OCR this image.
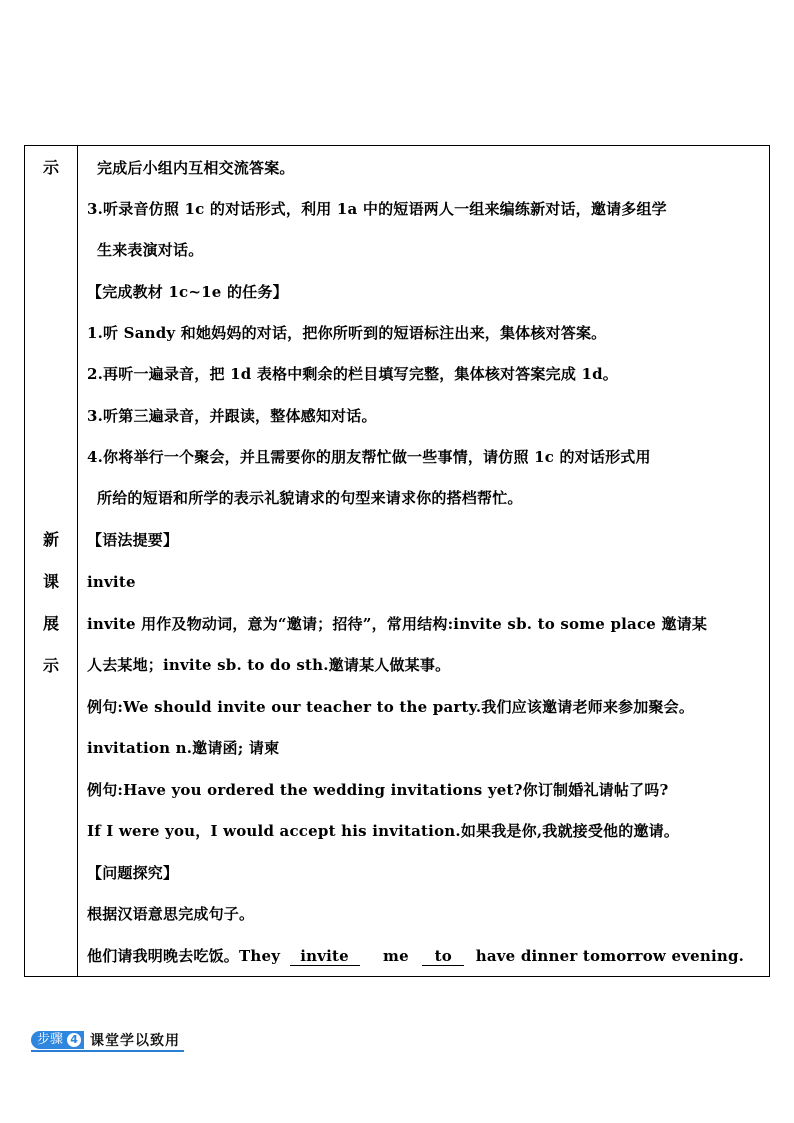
示
新
课
展
示
完成后小组内互相交流答案。
3.听录音仿照 1c 的对话形式，利用 1a 中的短语两人一组来编练新对话，邀请多组学
生来表演对话。
【完成教材 1c~1e 的任务】
1.听 Sandy 和她妈妈的对话，把你所听到的短语标注出来，集体核对答案。
2.再听一遍录音，把 1d 表格中剩余的栏目填写完整，集体核对答案完成 1d。
3.听第三遍录音，并跟读，整体感知对话。
4.你将举行一个聚会，并且需要你的朋友帮忙做一些事情，请仿照 1c 的对话形式用
所给的短语和所学的表示礼貌请求的句型来请求你的搭档帮忙。
【语法提要】
invite
invite 用作及物动词，意为“邀请；招待”，常用结构:invite sb. to some place 邀请某
人去某地；invite sb. to do sth.邀请某人做某事。
例句:We should invite our teacher to the party.我们应该邀请老师来参加聚会。
invitation n.邀请函; 请柬
例句:Have you ordered the wedding invitations yet?你订制婚礼请帖了吗?
If I were you，I would accept his invitation.如果我是你,我就接受他的邀请。
【问题探究】
根据汉语意思完成句子。
他们请我明晚去吃饭。They invite me to have dinner tomorrow evening.
步骤 4 课堂学以致用
